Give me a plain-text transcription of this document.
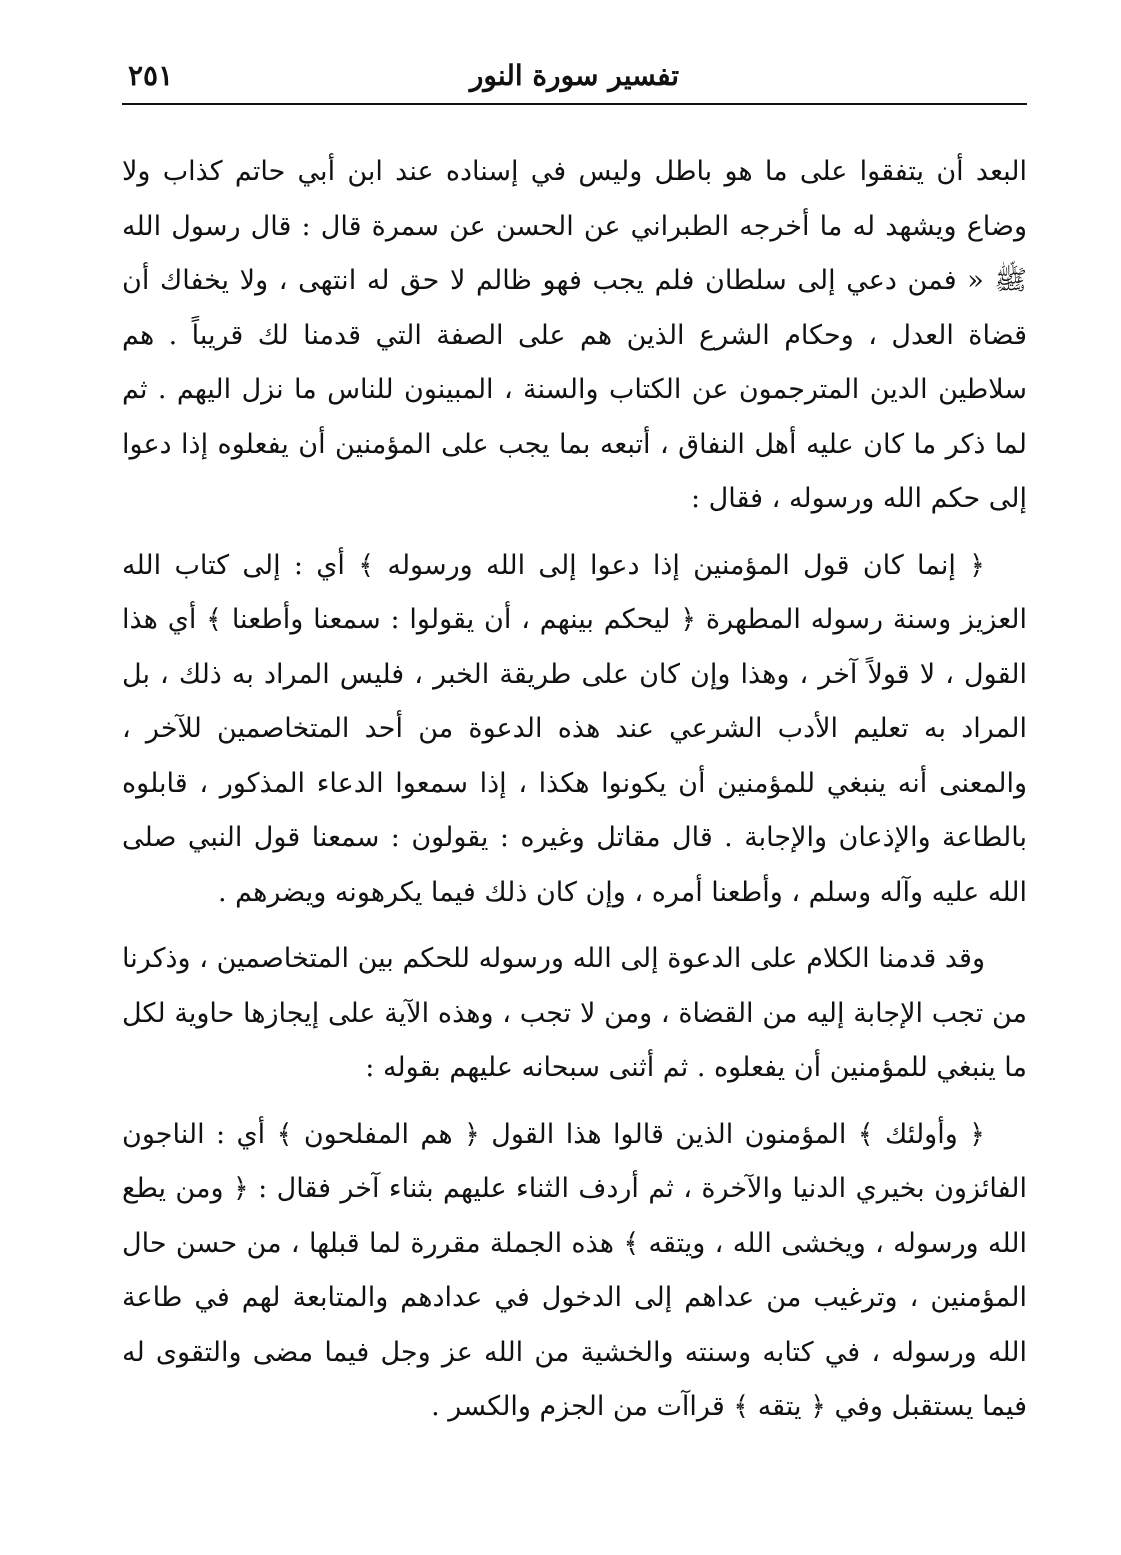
٢٥١	تفسير سورة النور

البعد أن يتفقوا على ما هو باطل وليس في إسناده عند ابن أبي حاتم كذاب ولا وضاع ويشهد له ما أخرجه الطبراني عن الحسن عن سمرة قال : قال رسول الله ﷺ « فمن دعي إلى سلطان فلم يجب فهو ظالم لا حق له انتهى ، ولا يخفاك أن قضاة العدل ، وحكام الشرع الذين هم على الصفة التي قدمنا لك قريباً . هم سلاطين الدين المترجمون عن الكتاب والسنة ، المبينون للناس ما نزل اليهم . ثم لما ذكر ما كان عليه أهل النفاق ، أتبعه بما يجب على المؤمنين أن يفعلوه إذا دعوا إلى حكم الله ورسوله ، فقال :

﴿ إنما كان قول المؤمنين إذا دعوا إلى الله ورسوله ﴾ أي : إلى كتاب الله العزيز وسنة رسوله المطهرة ﴿ ليحكم بينهم ، أن يقولوا : سمعنا وأطعنا ﴾ أي هذا القول ، لا قولاً آخر ، وهذا وإن كان على طريقة الخبر ، فليس المراد به ذلك ، بل المراد به تعليم الأدب الشرعي عند هذه الدعوة من أحد المتخاصمين للآخر ، والمعنى أنه ينبغي للمؤمنين أن يكونوا هكذا ، إذا سمعوا الدعاء المذكور ، قابلوه بالطاعة والإذعان والإجابة . قال مقاتل وغيره : يقولون : سمعنا قول النبي صلى الله عليه وآله وسلم ، وأطعنا أمره ، وإن كان ذلك فيما يكرهونه ويضرهم .

وقد قدمنا الكلام على الدعوة إلى الله ورسوله للحكم بين المتخاصمين ، وذكرنا من تجب الإجابة إليه من القضاة ، ومن لا تجب ، وهذه الآية على إيجازها حاوية لكل ما ينبغي للمؤمنين أن يفعلوه . ثم أثنى سبحانه عليهم بقوله :

﴿ وأولئك ﴾ المؤمنون الذين قالوا هذا القول ﴿ هم المفلحون ﴾ أي : الناجون الفائزون بخيري الدنيا والآخرة ، ثم أردف الثناء عليهم بثناء آخر فقال : ﴿ ومن يطع الله ورسوله ، ويخشى الله ، ويتقه ﴾ هذه الجملة مقررة لما قبلها ، من حسن حال المؤمنين ، وترغيب من عداهم إلى الدخول في عدادهم والمتابعة لهم في طاعة الله ورسوله ، في كتابه وسنته والخشية من الله عز وجل فيما مضى والتقوى له فيما يستقبل وفي ﴿ يتقه ﴾ قراآت من الجزم والكسر .
